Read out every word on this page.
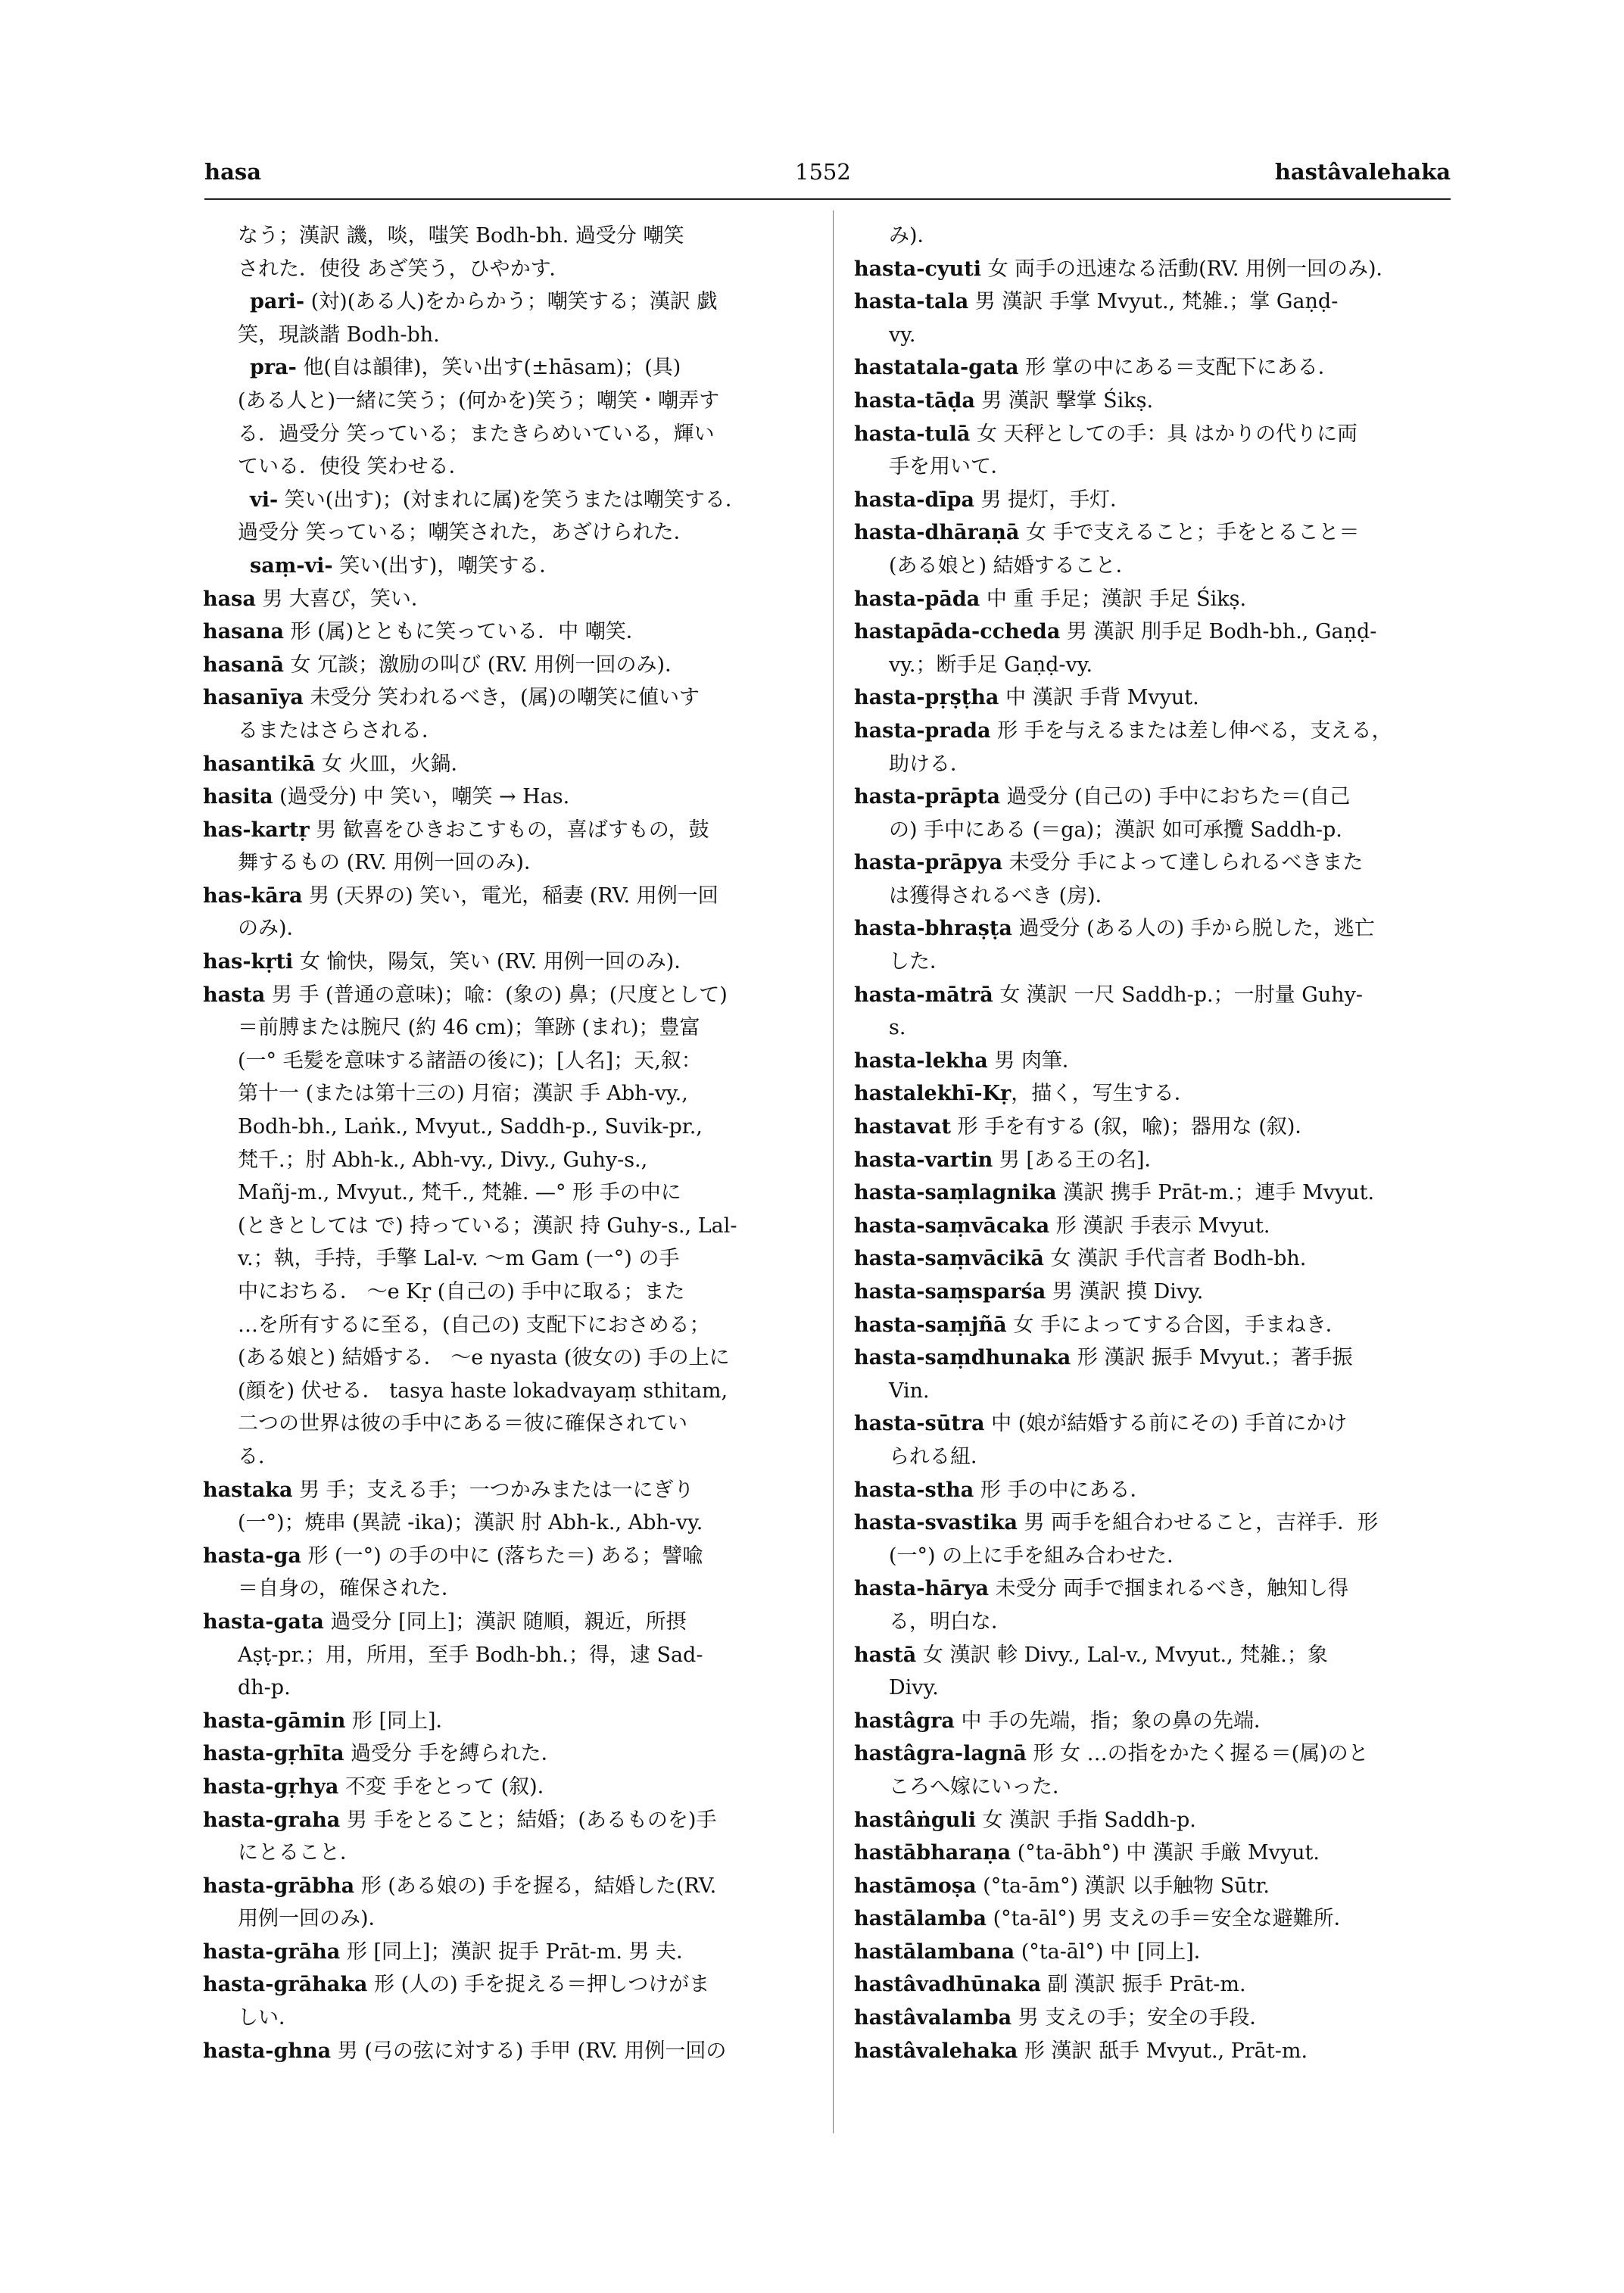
hasa	1552	hastâvalehaka
なう；漢訳 譏，啖，嗤笑 Bodh-bh. 過受分 嘲笑
された．使役 あざ笑う，ひやかす．
pari- (対)(ある人)をからかう；嘲笑する；漢訳 戯
笑，現談諧 Bodh-bh.
pra- 他(自は韻律)，笑い出す(±hāsam)；(具)
(ある人と)一緒に笑う；(何かを)笑う；嘲笑・嘲弄す
る．過受分 笑っている；またきらめいている，輝い
ている．使役 笑わせる．
vi- 笑い(出す)；(対まれに属)を笑うまたは嘲笑する．
過受分 笑っている；嘲笑された，あざけられた．
saṃ-vi- 笑い(出す)，嘲笑する．
hasa 男 大喜び，笑い．
hasana 形 (属)とともに笑っている．中 嘲笑．
hasanā 女 冗談；激励の叫び (RV. 用例一回のみ)．
hasanīya 未受分 笑われるべき，(属)の嘲笑に値いす
るまたはさらされる．
hasantikā 女 火皿，火鍋．
hasita (過受分) 中 笑い，嘲笑 → Has.
has-kartṛ 男 歓喜をひきおこすもの，喜ばすもの，鼓
舞するもの (RV. 用例一回のみ)．
has-kāra 男 (天界の) 笑い，電光，稲妻 (RV. 用例一回
のみ)．
has-kṛti 女 愉快，陽気，笑い (RV. 用例一回のみ)．
hasta 男 手 (普通の意味)；喩：(象の) 鼻；(尺度として)
＝前膊または腕尺 (約 46 cm)；筆跡 (まれ)；豊富
(一° 毛髪を意味する諸語の後に)；[人名]；天,叙：
第十一 (または第十三の) 月宿；漢訳 手 Abh-vy.,
Bodh-bh., Laṅk., Mvyut., Saddh-p., Suvik-pr.,
梵千.；肘 Abh-k., Abh-vy., Divy., Guhy-s.,
Mañj-m., Mvyut., 梵千., 梵雑. —° 形 手の中に
(ときとしては で) 持っている；漢訳 持 Guhy-s., Lal-
v.；執，手持，手擎 Lal-v. ～m Gam (一°) の手
中におちる． ～e Kṛ (自己の) 手中に取る；また
…を所有するに至る，(自己の) 支配下におさめる；
(ある娘と) 結婚する． ～e nyasta (彼女の) 手の上に
(顔を) 伏せる． tasya haste lokadvayaṃ sthitam,
二つの世界は彼の手中にある＝彼に確保されてい
る．
hastaka 男 手；支える手；一つかみまたは一にぎり
(一°)；焼串 (異読 -ika)；漢訳 肘 Abh-k., Abh-vy.
hasta-ga 形 (一°) の手の中に (落ちた＝) ある；譬喩
＝自身の，確保された．
hasta-gata 過受分 [同上]；漢訳 随順，親近，所摂
Aṣṭ-pr.；用，所用，至手 Bodh-bh.；得，逮 Sad-
dh-p.
hasta-gāmin 形 [同上]．
hasta-gṛhīta 過受分 手を縛られた．
hasta-gṛhya 不変 手をとって (叙)．
hasta-graha 男 手をとること；結婚；(あるものを)手
にとること．
hasta-grābha 形 (ある娘の) 手を握る，結婚した(RV.
用例一回のみ)．
hasta-grāha 形 [同上]；漢訳 捉手 Prāt-m. 男 夫．
hasta-grāhaka 形 (人の) 手を捉える＝押しつけがま
しい．
hasta-ghna 男 (弓の弦に対する) 手甲 (RV. 用例一回の
み)．
hasta-cyuti 女 両手の迅速なる活動(RV. 用例一回のみ)．
hasta-tala 男 漢訳 手掌 Mvyut., 梵雑.；掌 Gaṇḍ-
vy.
hastatala-gata 形 掌の中にある＝支配下にある．
hasta-tāḍa 男 漢訳 撃掌 Śikṣ.
hasta-tulā 女 天秤としての手：具 はかりの代りに両
手を用いて．
hasta-dīpa 男 提灯，手灯．
hasta-dhāraṇā 女 手で支えること；手をとること＝
(ある娘と) 結婚すること．
hasta-pāda 中 重 手足；漢訳 手足 Śikṣ.
hastapāda-ccheda 男 漢訳 刖手足 Bodh-bh., Gaṇḍ-
vy.；断手足 Gaṇḍ-vy.
hasta-pṛṣṭha 中 漢訳 手背 Mvyut.
hasta-prada 形 手を与えるまたは差し伸べる，支える，
助ける．
hasta-prāpta 過受分 (自己の) 手中におちた＝(自己
の) 手中にある (＝ga)；漢訳 如可承攬 Saddh-p.
hasta-prāpya 未受分 手によって達しられるべきまた
は獲得されるべき (房)．
hasta-bhraṣṭa 過受分 (ある人の) 手から脱した，逃亡
した．
hasta-mātrā 女 漢訳 一尺 Saddh-p.；一肘量 Guhy-
s.
hasta-lekha 男 肉筆．
hastalekhī-Kṛ，描く，写生する．
hastavat 形 手を有する (叙，喩)；器用な (叙)．
hasta-vartin 男 [ある王の名]．
hasta-saṃlagnika 漢訳 携手 Prāt-m.；連手 Mvyut.
hasta-saṃvācaka 形 漢訳 手表示 Mvyut.
hasta-saṃvācikā 女 漢訳 手代言者 Bodh-bh.
hasta-saṃsparśa 男 漢訳 摸 Divy.
hasta-saṃjñā 女 手によってする合図，手まねき．
hasta-saṃdhunaka 形 漢訳 振手 Mvyut.；著手振
Vin.
hasta-sūtra 中 (娘が結婚する前にその) 手首にかけ
られる紐．
hasta-stha 形 手の中にある．
hasta-svastika 男 両手を組合わせること，吉祥手．形
(一°) の上に手を組み合わせた．
hasta-hārya 未受分 両手で掴まれるべき，触知し得
る，明白な．
hastā 女 漢訳 軫 Divy., Lal-v., Mvyut., 梵雑.；象
Divy.
hastâgra 中 手の先端，指；象の鼻の先端．
hastâgra-lagnā 形 女 …の指をかたく握る＝(属)のと
ころへ嫁にいった．
hastâṅguli 女 漢訳 手指 Saddh-p.
hastābharaṇa (°ta-ābh°) 中 漢訳 手厳 Mvyut.
hastāmoṣa (°ta-ām°) 漢訳 以手触物 Sūtr.
hastālamba (°ta-āl°) 男 支えの手＝安全な避難所．
hastālambana (°ta-āl°) 中 [同上]．
hastâvadhūnaka 副 漢訳 振手 Prāt-m.
hastâvalamba 男 支えの手；安全の手段．
hastâvalehaka 形 漢訳 舐手 Mvyut., Prāt-m.
